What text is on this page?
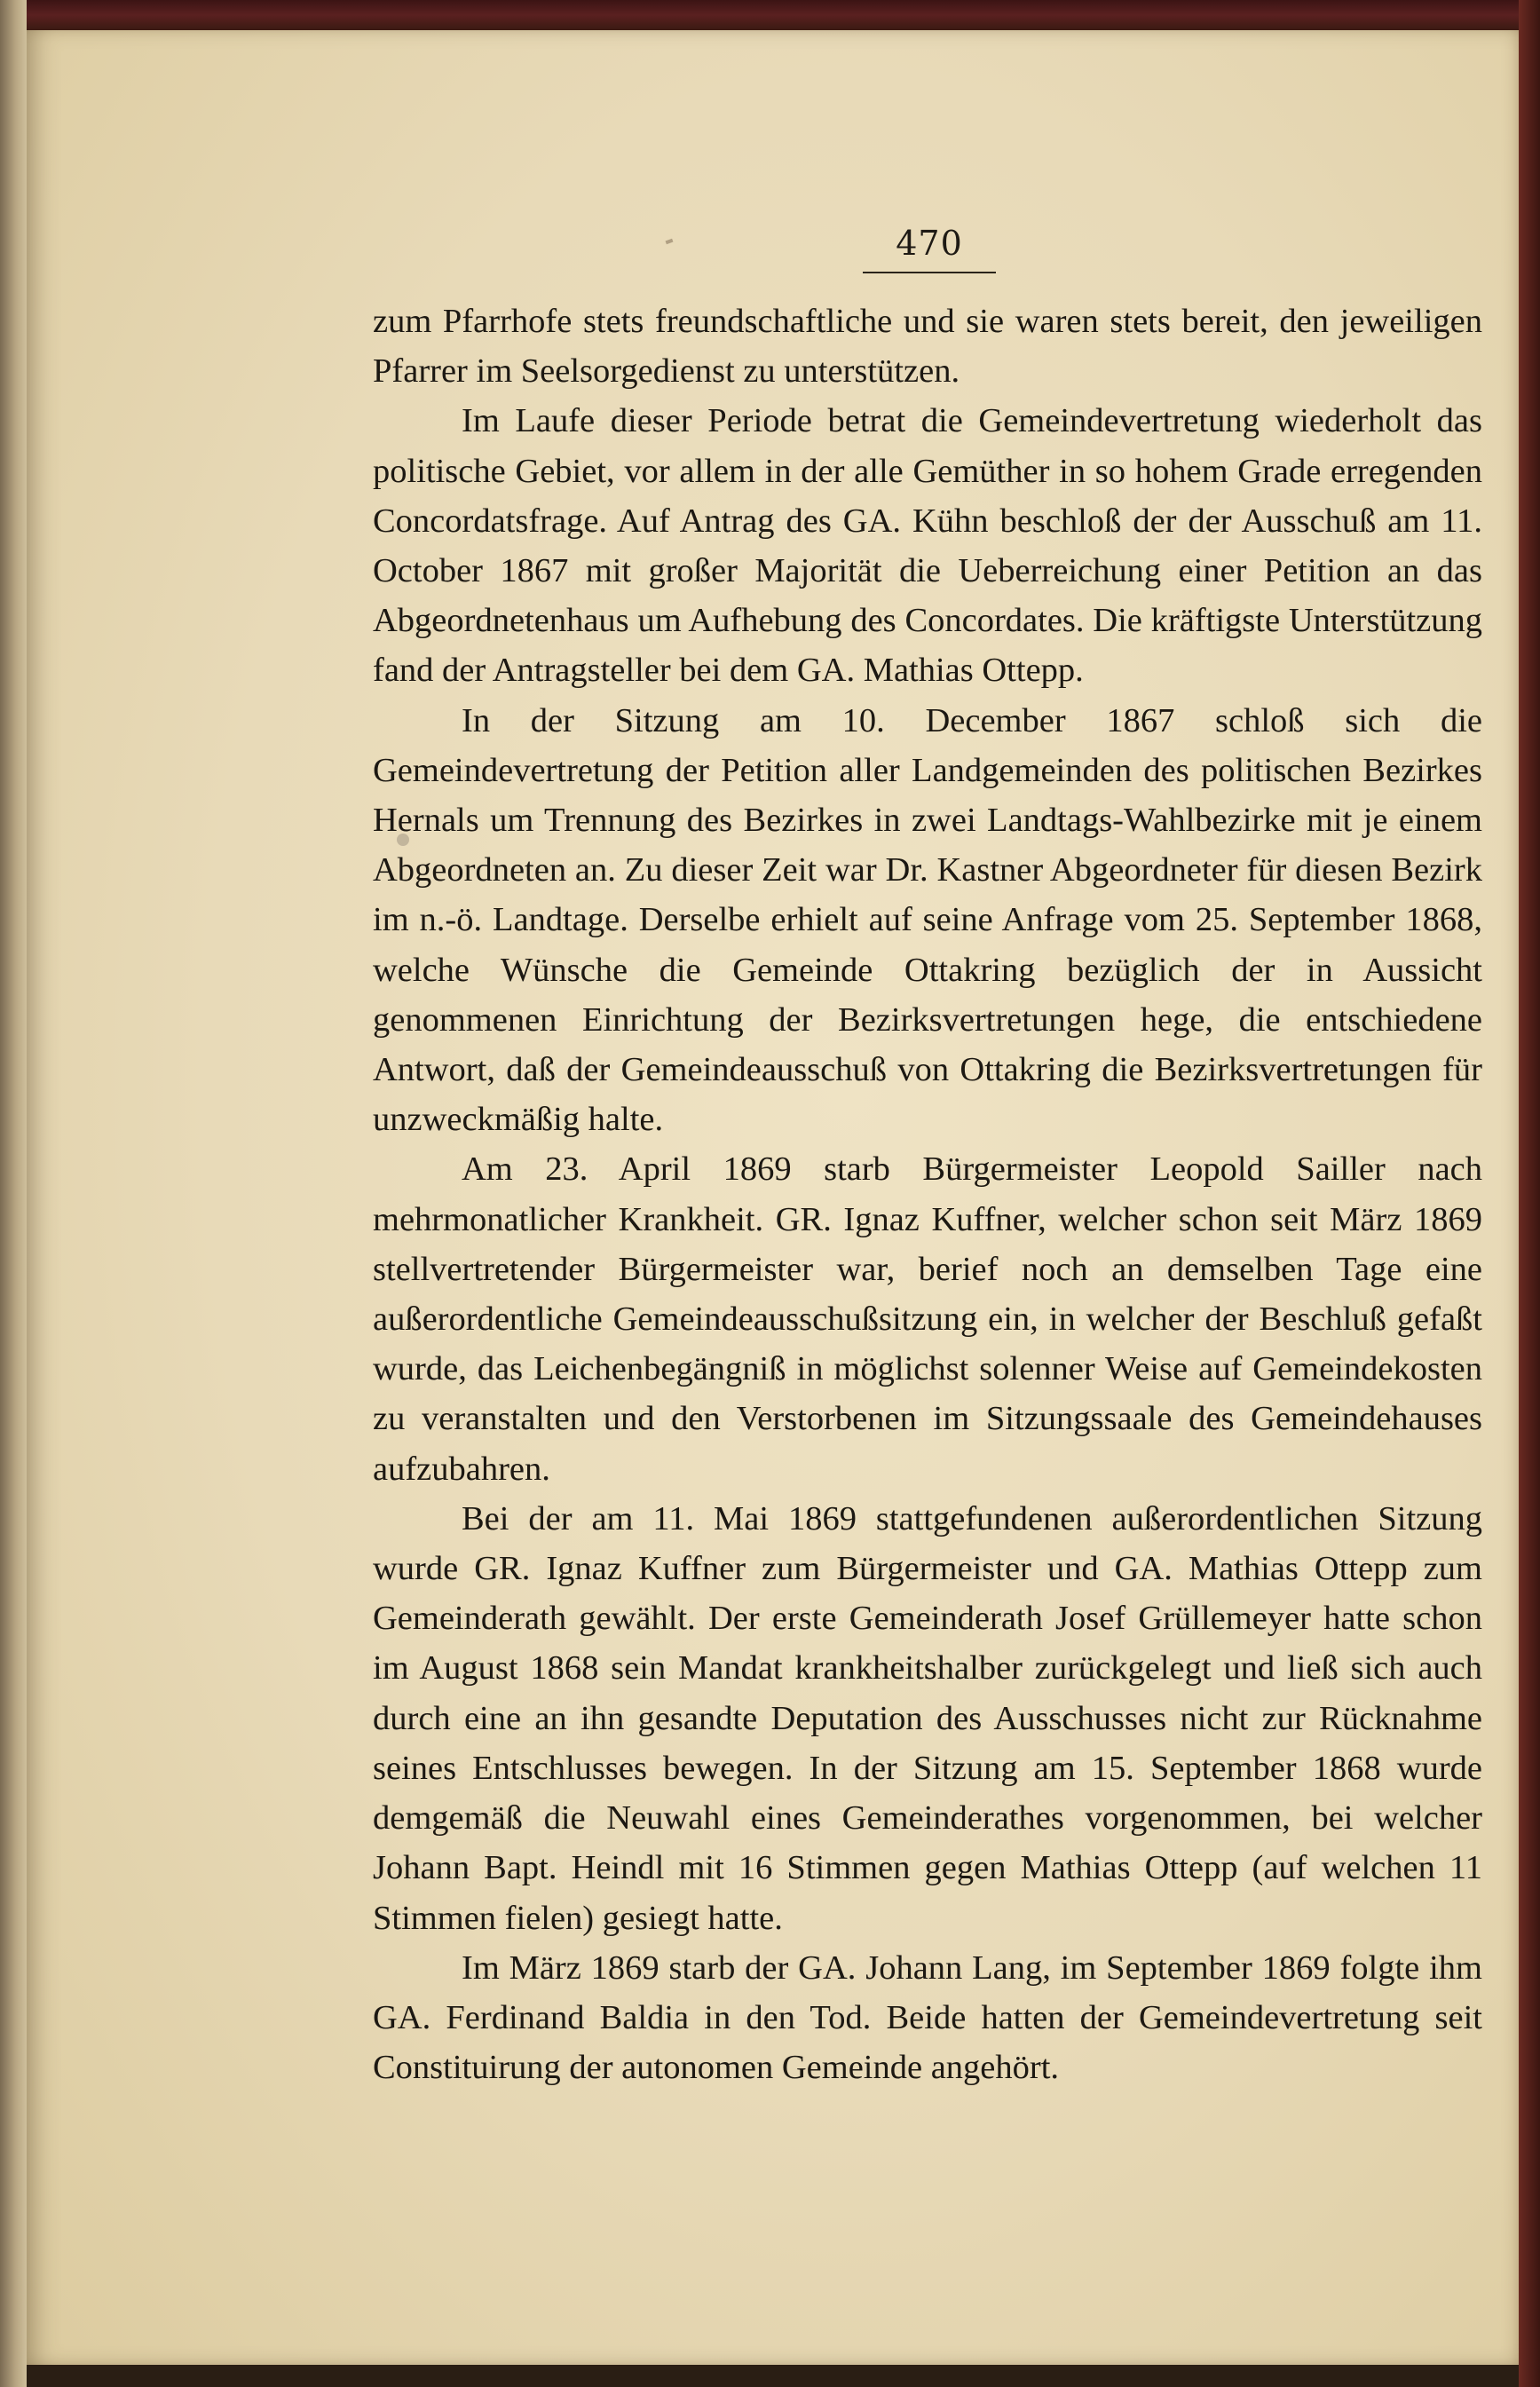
470

zum Pfarrhofe stets freundschaftliche und sie waren stets bereit, den jeweiligen Pfarrer im Seelsorgedienst zu unterstützen.

Im Laufe dieser Periode betrat die Gemeindevertretung wiederholt das politische Gebiet, vor allem in der alle Gemüther in so hohem Grade erregenden Concordatsfrage. Auf Antrag des GA. Kühn beschloß der der Ausschuß am 11. October 1867 mit großer Majorität die Ueberreichung einer Petition an das Abgeordnetenhaus um Aufhebung des Concordates. Die kräftigste Unterstützung fand der Antragsteller bei dem GA. Mathias Ottepp.

In der Sitzung am 10. December 1867 schloß sich die Gemeindevertretung der Petition aller Landgemeinden des politischen Bezirkes Hernals um Trennung des Bezirkes in zwei Landtags-Wahlbezirke mit je einem Abgeordneten an. Zu dieser Zeit war Dr. Kastner Abgeordneter für diesen Bezirk im n.-ö. Landtage. Derselbe erhielt auf seine Anfrage vom 25. September 1868, welche Wünsche die Gemeinde Ottakring bezüglich der in Aussicht genommenen Einrichtung der Bezirksvertretungen hege, die entschiedene Antwort, daß der Gemeindeausschuß von Ottakring die Bezirksvertretungen für unzweckmäßig halte.

Am 23. April 1869 starb Bürgermeister Leopold Sailler nach mehrmonatlicher Krankheit. GR. Ignaz Kuffner, welcher schon seit März 1869 stellvertretender Bürgermeister war, berief noch an demselben Tage eine außerordentliche Gemeindeausschußsitzung ein, in welcher der Beschluß gefaßt wurde, das Leichenbegängniß in möglichst solenner Weise auf Gemeindekosten zu veranstalten und den Verstorbenen im Sitzungssaale des Gemeindehauses aufzubahren.

Bei der am 11. Mai 1869 stattgefundenen außerordentlichen Sitzung wurde GR. Ignaz Kuffner zum Bürgermeister und GA. Mathias Ottepp zum Gemeinderath gewählt. Der erste Gemeinderath Josef Grüllemeyer hatte schon im August 1868 sein Mandat krankheitshalber zurückgelegt und ließ sich auch durch eine an ihn gesandte Deputation des Ausschusses nicht zur Rücknahme seines Entschlusses bewegen. In der Sitzung am 15. September 1868 wurde demgemäß die Neuwahl eines Gemeinderathes vorgenommen, bei welcher Johann Bapt. Heindl mit 16 Stimmen gegen Mathias Ottepp (auf welchen 11 Stimmen fielen) gesiegt hatte.

Im März 1869 starb der GA. Johann Lang, im September 1869 folgte ihm GA. Ferdinand Baldia in den Tod. Beide hatten der Gemeindevertretung seit Constituirung der autonomen Gemeinde angehört.
